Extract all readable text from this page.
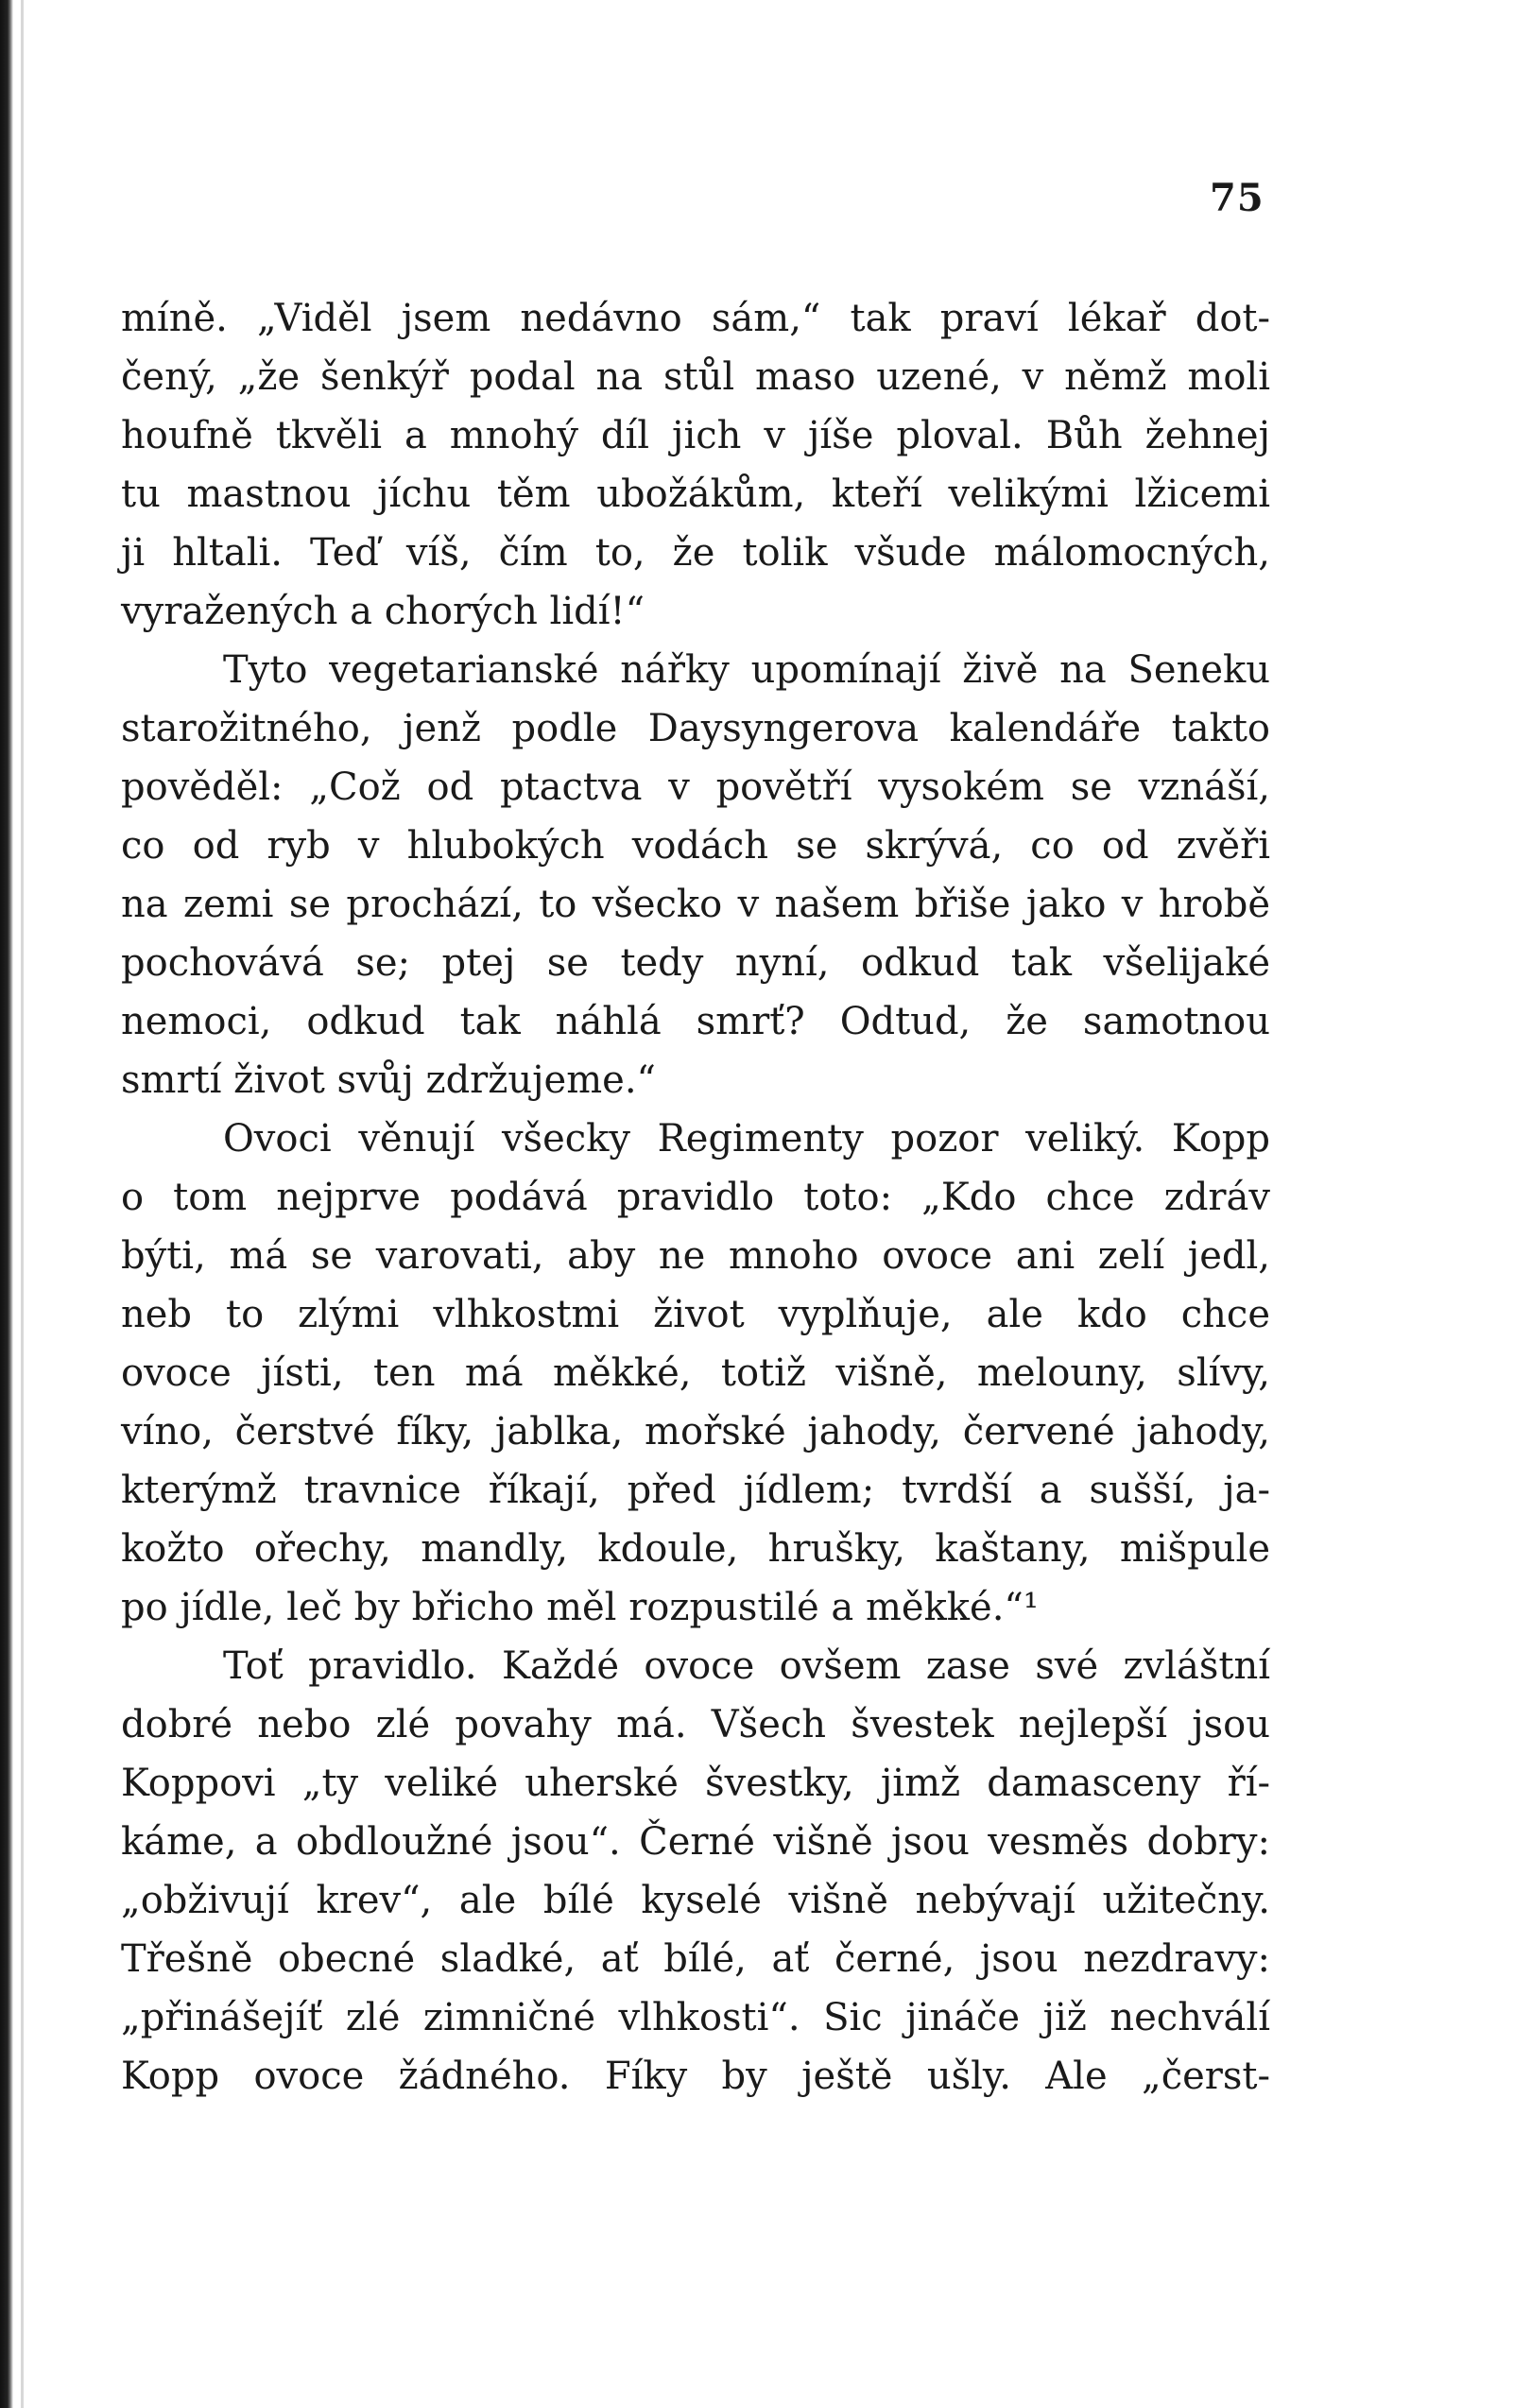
75
míně. „Viděl jsem nedávno sám,“ tak praví lékař dot-
čený, „že šenkýř podal na stůl maso uzené, v němž moli
houfně tkvěli a mnohý díl jich v jíše ploval. Bůh žehnej
tu mastnou jíchu těm ubožákům, kteří velikými lžicemi
ji hltali. Teď víš, čím to, že tolik všude málomocných,
vyražených a chorých lidí!“
Tyto vegetarianské nářky upomínají živě na Seneku
starožitného, jenž podle Daysyngerova kalendáře takto
pověděl: „Což od ptactva v povětří vysokém se vznáší,
co od ryb v hlubokých vodách se skrývá, co od zvěři
na zemi se prochází, to všecko v našem břiše jako v hrobě
pochovává se; ptej se tedy nyní, odkud tak všelijaké
nemoci, odkud tak náhlá smrť? Odtud, že samotnou
smrtí život svůj zdržujeme.“
Ovoci věnují všecky Regimenty pozor veliký. Kopp
o tom nejprve podává pravidlo toto: „Kdo chce zdráv
býti, má se varovati, aby ne mnoho ovoce ani zelí jedl,
neb to zlými vlhkostmi život vyplňuje, ale kdo chce
ovoce jísti, ten má měkké, totiž višně, melouny, slívy,
víno, čerstvé fíky, jablka, mořské jahody, červené jahody,
kterýmž travnice říkají, před jídlem; tvrdší a sušší, ja-
kožto ořechy, mandly, kdoule, hrušky, kaštany, mišpule
po jídle, leč by břicho měl rozpustilé a měkké.“¹
Toť pravidlo. Každé ovoce ovšem zase své zvláštní
dobré nebo zlé povahy má. Všech švestek nejlepší jsou
Koppovi „ty veliké uherské švestky, jimž damasceny ří-
káme, a obdloužné jsou“. Černé višně jsou vesměs dobry:
„obživují krev“, ale bílé kyselé višně nebývají užitečny.
Třešně obecné sladké, ať bílé, ať černé, jsou nezdravy:
„přinášejíť zlé zimničné vlhkosti“. Sic jináče již nechválí
Kopp ovoce žádného. Fíky by ještě ušly. Ale „čerst-
